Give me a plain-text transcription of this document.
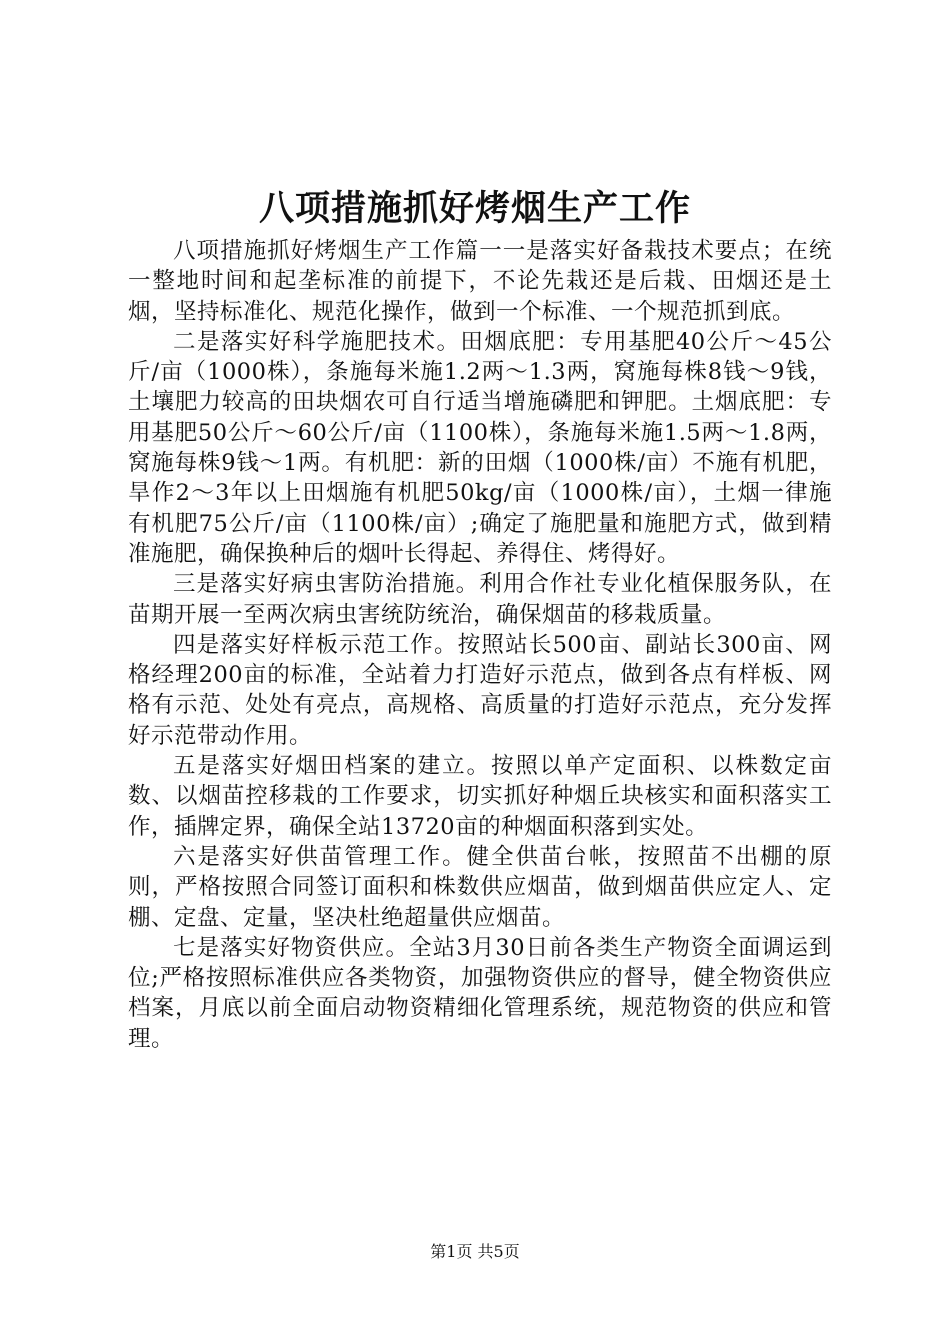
八项措施抓好烤烟生产工作

八项措施抓好烤烟生产工作篇一一是落实好备栽技术要点；在统一整地时间和起垄标准的前提下，不论先栽还是后栽、田烟还是土烟，坚持标准化、规范化操作，做到一个标准、一个规范抓到底。

二是落实好科学施肥技术。田烟底肥：专用基肥40公斤～45公斤/亩（1000株），条施每米施1.2两～1.3两，窝施每株8钱～9钱，土壤肥力较高的田块烟农可自行适当增施磷肥和钾肥。土烟底肥：专用基肥50公斤～60公斤/亩（1100株），条施每米施1.5两～1.8两，窝施每株9钱～1两。有机肥：新的田烟（1000株/亩）不施有机肥，旱作2～3年以上田烟施有机肥50kg/亩（1000株/亩），土烟一律施有机肥75公斤/亩（1100株/亩）;确定了施肥量和施肥方式，做到精准施肥，确保换种后的烟叶长得起、养得住、烤得好。

三是落实好病虫害防治措施。利用合作社专业化植保服务队，在苗期开展一至两次病虫害统防统治，确保烟苗的移栽质量。

四是落实好样板示范工作。按照站长500亩、副站长300亩、网格经理200亩的标准，全站着力打造好示范点，做到各点有样板、网格有示范、处处有亮点，高规格、高质量的打造好示范点，充分发挥好示范带动作用。

五是落实好烟田档案的建立。按照以单产定面积、以株数定亩数、以烟苗控移栽的工作要求，切实抓好种烟丘块核实和面积落实工作，插牌定界，确保全站13720亩的种烟面积落到实处。

六是落实好供苗管理工作。健全供苗台帐，按照苗不出棚的原则，严格按照合同签订面积和株数供应烟苗，做到烟苗供应定人、定棚、定盘、定量，坚决杜绝超量供应烟苗。

七是落实好物资供应。全站3月30日前各类生产物资全面调运到位;严格按照标准供应各类物资，加强物资供应的督导，健全物资供应档案，月底以前全面启动物资精细化管理系统，规范物资的供应和管理。

第1页 共5页
